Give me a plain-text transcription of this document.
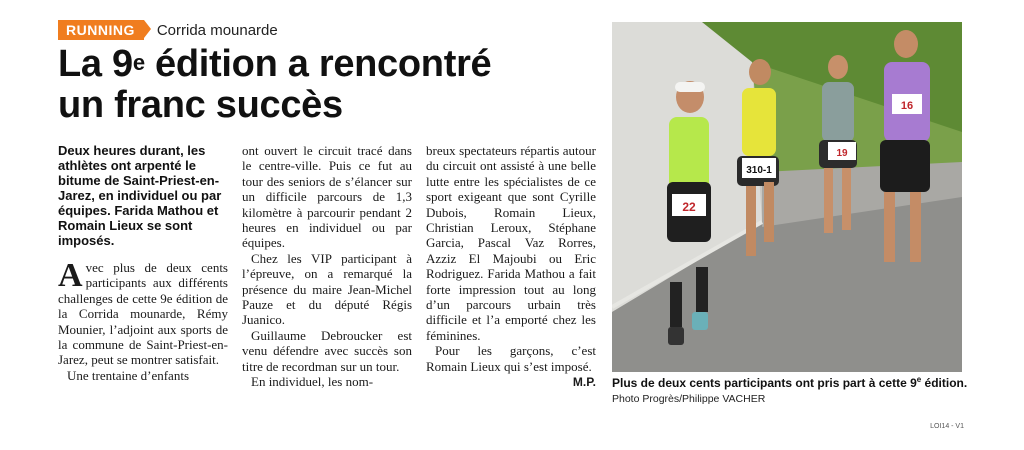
RUNNING	Corrida mounarde
La 9e édition a rencontré
un franc succès
Deux heures durant, les athlètes ont arpenté le bitume de Saint-Priest-en-Jarez, en individuel ou par équipes. Farida Mathou et Romain Lieux se sont imposés.

Avec plus de deux cents participants aux différents challenges de cette 9e édition de la Corrida mounarde, Rémy Mounier, l’adjoint aux sports de la commune de Saint-Priest-en-Jarez, peut se montrer satisfait.

Une trentaine d’enfants

ont ouvert le circuit tracé dans le centre-ville. Puis ce fut au tour des seniors de s’élancer sur un difficile parcours de 1,3 kilomètre à parcourir pendant 2 heures en individuel ou par équipes.

Chez les VIP participant à l’épreuve, on a remarqué la présence du maire Jean-Michel Pauze et du député Régis Juanico.

Guillaume Debroucker est venu défendre avec succès son titre de recordman sur un tour.

En individuel, les nom-

breux spectateurs répartis autour du circuit ont assisté à une belle lutte entre les spécialistes de ce sport exigeant que sont Cyrille Dubois, Romain Lieux, Christian Leroux, Stéphane Garcia, Pascal Vaz Rorres, Azziz El Majoubi ou Eric Rodriguez. Farida Mathou a fait forte impression tout au long d’un parcours urbain très difficile et l’a emporté chez les féminines.

Pour les garçons, c’est Romain Lieux qui s’est imposé.

M.P.
22
310-1
19
16
Plus de deux cents participants ont pris part à cette 9e édition.
Photo Progrès/Philippe VACHER
LOI14 - V1
